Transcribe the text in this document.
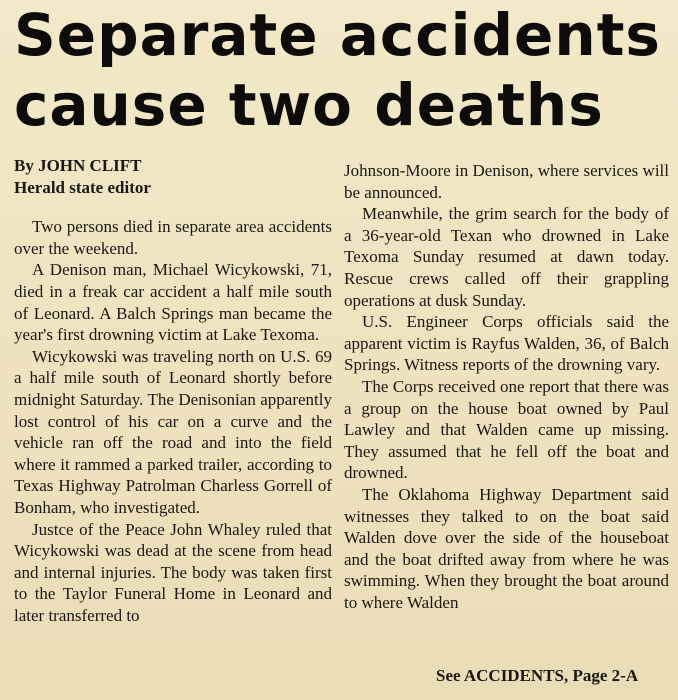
Separate accidents
cause two deaths
By JOHN CLIFT
Herald state editor

Two persons died in separate area accidents over the weekend.

A Denison man, Michael Wicykowski, 71, died in a freak car accident a half mile south of Leonard. A Balch Springs man became the year's first drowning victim at Lake Texoma.

Wicykowski was traveling north on U.S. 69 a half mile south of Leonard shortly before midnight Saturday. The Denisonian apparently lost control of his car on a curve and the vehicle ran off the road and into the field where it rammed a parked trailer, according to Texas Highway Patrolman Charless Gorrell of Bonham, who investigated.

Justce of the Peace John Whaley ruled that Wicykowski was dead at the scene from head and internal injuries. The body was taken first to the Taylor Funeral Home in Leonard and later transferred to

Johnson-Moore in Denison, where services will be announced.

Meanwhile, the grim search for the body of a 36-year-old Texan who drowned in Lake Texoma Sunday resumed at dawn today. Rescue crews called off their grappling operations at dusk Sunday.

U.S. Engineer Corps officials said the apparent victim is Rayfus Walden, 36, of Balch Springs. Witness reports of the drowning vary.

The Corps received one report that there was a group on the house boat owned by Paul Lawley and that Walden came up missing. They assumed that he fell off the boat and drowned.

The Oklahoma Highway Department said witnesses they talked to on the boat said Walden dove over the side of the houseboat and the boat drifted away from where he was swimming. When they brought the boat around to where Walden

See ACCIDENTS, Page 2-A
